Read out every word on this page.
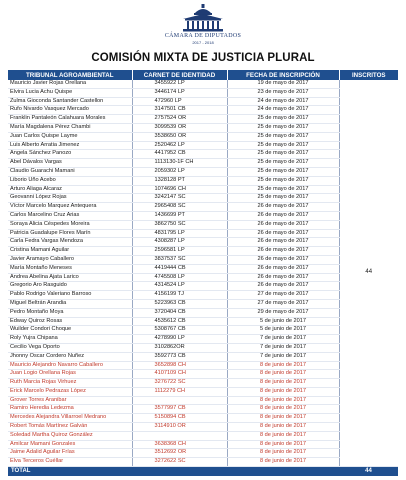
CÁMARA DE DIPUTADOS
2017 - 2018
COMISIÓN MIXTA DE JUSTICIA PLURAL
TRIBUNAL AGROAMBIENTAL	CARNET DE IDENTIDAD	FECHA DE INSCRIPCIÓN	INSCRITOS
Mauricio Javier Rojas Orellana	3455922 LP	19 de mayo de 2017	44
Elvira Lucia Achu Quispe	3446174 LP	23 de mayo de 2017	
Zulma Gioconda Santander Castellon	472960 LP	24 de mayo de 2017	
Rufo Nivardo Vasquez Mercado	3147501 CB	24 de mayo de 2017	
Franklin Pantaleón Calahuara Morales	2757524 OR	25 de mayo de 2017	
María Magdalena Pérez Chambi	3099539 OR	25 de mayo de 2017	
Juan Carlos Quispe Layme	3538650 OR	25 de mayo de 2017	
Luis Alberto Arratia Jimenez	2520462 LP	25 de mayo de 2017	
Ángela Sánchez Panozo	4417952 CB	25 de mayo de 2017	
Abel Dávalos Vargas	1113130-1F CH	25 de mayo de 2017	
Claudio Guarachi Mamani	2059302 LP	25 de mayo de 2017	
Liborio Uño Acebo	1328128 PT	25 de mayo de 2017	
Arturo Aliaga Alcaraz	1074696 CH	25 de mayo de 2017	
Geovanni López Rojas	3242147 SC	25 de mayo de 2017	
Víctor Marcelo Marquez Antequera	2965408 SC	26 de mayo de 2017	
Carlos Marcelino Cruz Arias	1436699 PT	26 de mayo de 2017	
Soraya Alicia Céspedes Moreira	3862750 SC	26 de mayo de 2017	
Patricia Guadalupe Flores Marín	4831795 LP	26 de mayo de 2017	
Carla Fedra Vargas Mendoza	4308287 LP	26 de mayo de 2017	
Cristina Mamani Aguilar	2596581 LP	26 de mayo de 2017	
Javier Aramayo Caballero	3837537 SC	26 de mayo de 2017	
María Montaño Meneses	4419444 CB	26 de mayo de 2017	
Andrea Abelina Ajata Larico	4745508 LP	26 de mayo de 2017	
Gregorio Aro Rasguido	4314524 LP	26 de mayo de 2017	
Pablo Rodrigo Valeriano Barroso	4156199 TJ	27 de mayo de 2017	
Miguel Beltrán Arandia	5223963 CB	27 de mayo de 2017	
Pedro Montaño Moya	3720404 CB	29 de mayo de 2017	
Edway Quiroz Rosas	4535612 CB	5 de junio de 2017	
Wuilder Condori Choque	5308767 CB	5 de junio de 2017	
Roly Yujra Chipana	4278990 LP	7 de junio de 2017	
Cecilio Vega Oporto	3102862OR	7 de junio de 2017	
Jhonny Oscar Cordero Nuñez	3592773 CB	7 de junio de 2017	
Mauricio Alejandro Navarro Caballero	3652898 CH	8 de junio de 2017	
Juan Logio Orellana Rojas	4107109 CH	8 de junio de 2017	
Ruth Marcia Rojas Virhuez	3276722 SC	8 de junio de 2017	
Erick Marcelo Pedrazas López	1112279 CH	8 de junio de 2017	
Grover Torres Aranibar		8 de junio de 2017	
Ramiro Heredia Ledezma	3577997 CB	8 de junio de 2017	
Mercedes Alejandra Villarroel Medrano	5150894 CB	8 de junio de 2017	
Robert Tomás Martínez Galván	3114910 OR	8 de junio de 2017	
Soledad Martha Quiroz González		8 de junio de 2017	
Amilcar Mamani Gonzales	3638368 CH	8 de junio de 2017	
Jaime Adalid Aguilar Frías	3512692 OR	8 de junio de 2017	
Elva Terceros Cuéllar	3272622 SC	8 de junio de 2017	
TOTAL			44
